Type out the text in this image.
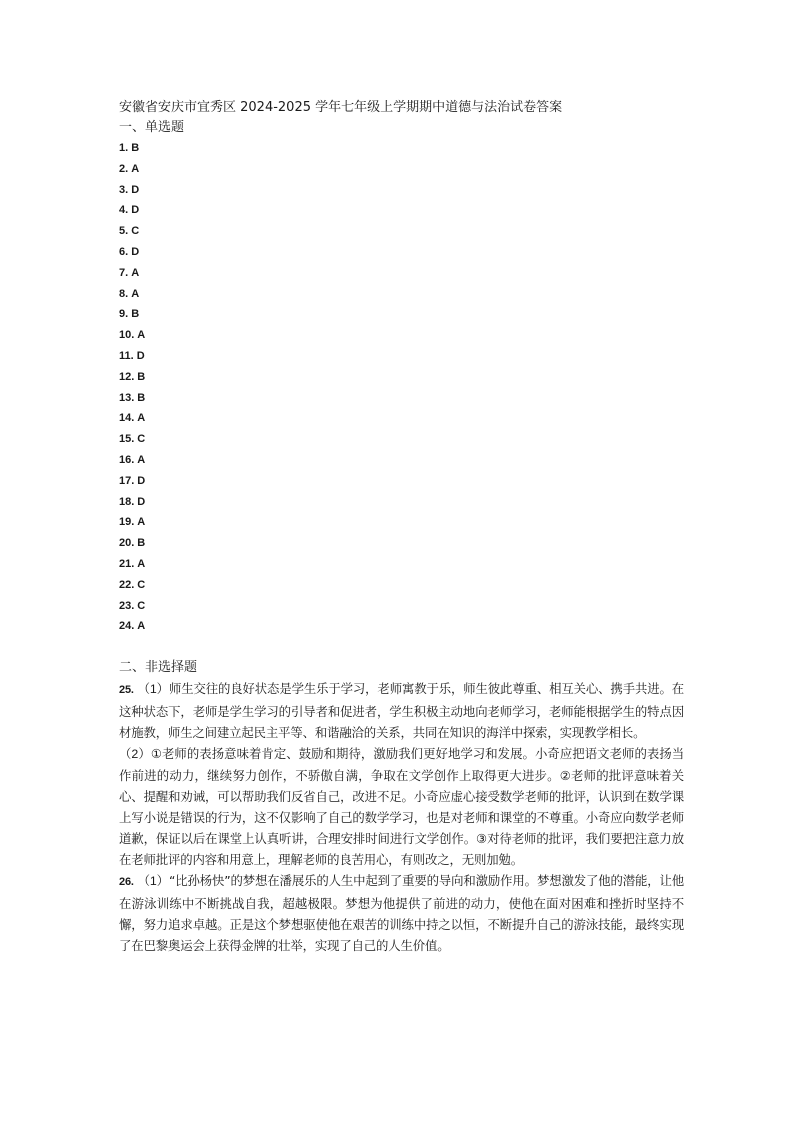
安徽省安庆市宜秀区 2024-2025 学年七年级上学期期中道德与法治试卷答案
一、单选题
1. B
2. A
3. D
4. D
5. C
6. D
7. A
8. A
9. B
10. A
11. D
12. B
13. B
14. A
15. C
16. A
17. D
18. D
19. A
20. B
21. A
22. C
23. C
24. A
二、非选择题

25. （1）师生交往的良好状态是学生乐于学习，老师寓教于乐，师生彼此尊重、相互关心、携手共进。在这种状态下，老师是学生学习的引导者和促进者，学生积极主动地向老师学习，老师能根据学生的特点因材施教，师生之间建立起民主平等、和谐融洽的关系，共同在知识的海洋中探索，实现教学相长。

（2）①老师的表扬意味着肯定、鼓励和期待，激励我们更好地学习和发展。小奇应把语文老师的表扬当作前进的动力，继续努力创作，不骄傲自满，争取在文学创作上取得更大进步。②老师的批评意味着关心、提醒和劝诫，可以帮助我们反省自己，改进不足。小奇应虚心接受数学老师的批评，认识到在数学课上写小说是错误的行为，这不仅影响了自己的数学学习，也是对老师和课堂的不尊重。小奇应向数学老师道歉，保证以后在课堂上认真听讲，合理安排时间进行文学创作。③对待老师的批评，我们要把注意力放在老师批评的内容和用意上，理解老师的良苦用心，有则改之，无则加勉。

26. （1）“比孙杨快”的梦想在潘展乐的人生中起到了重要的导向和激励作用。梦想激发了他的潜能，让他在游泳训练中不断挑战自我，超越极限。梦想为他提供了前进的动力，使他在面对困难和挫折时坚持不懈，努力追求卓越。正是这个梦想驱使他在艰苦的训练中持之以恒，不断提升自己的游泳技能，最终实现了在巴黎奥运会上获得金牌的壮举，实现了自己的人生价值。
